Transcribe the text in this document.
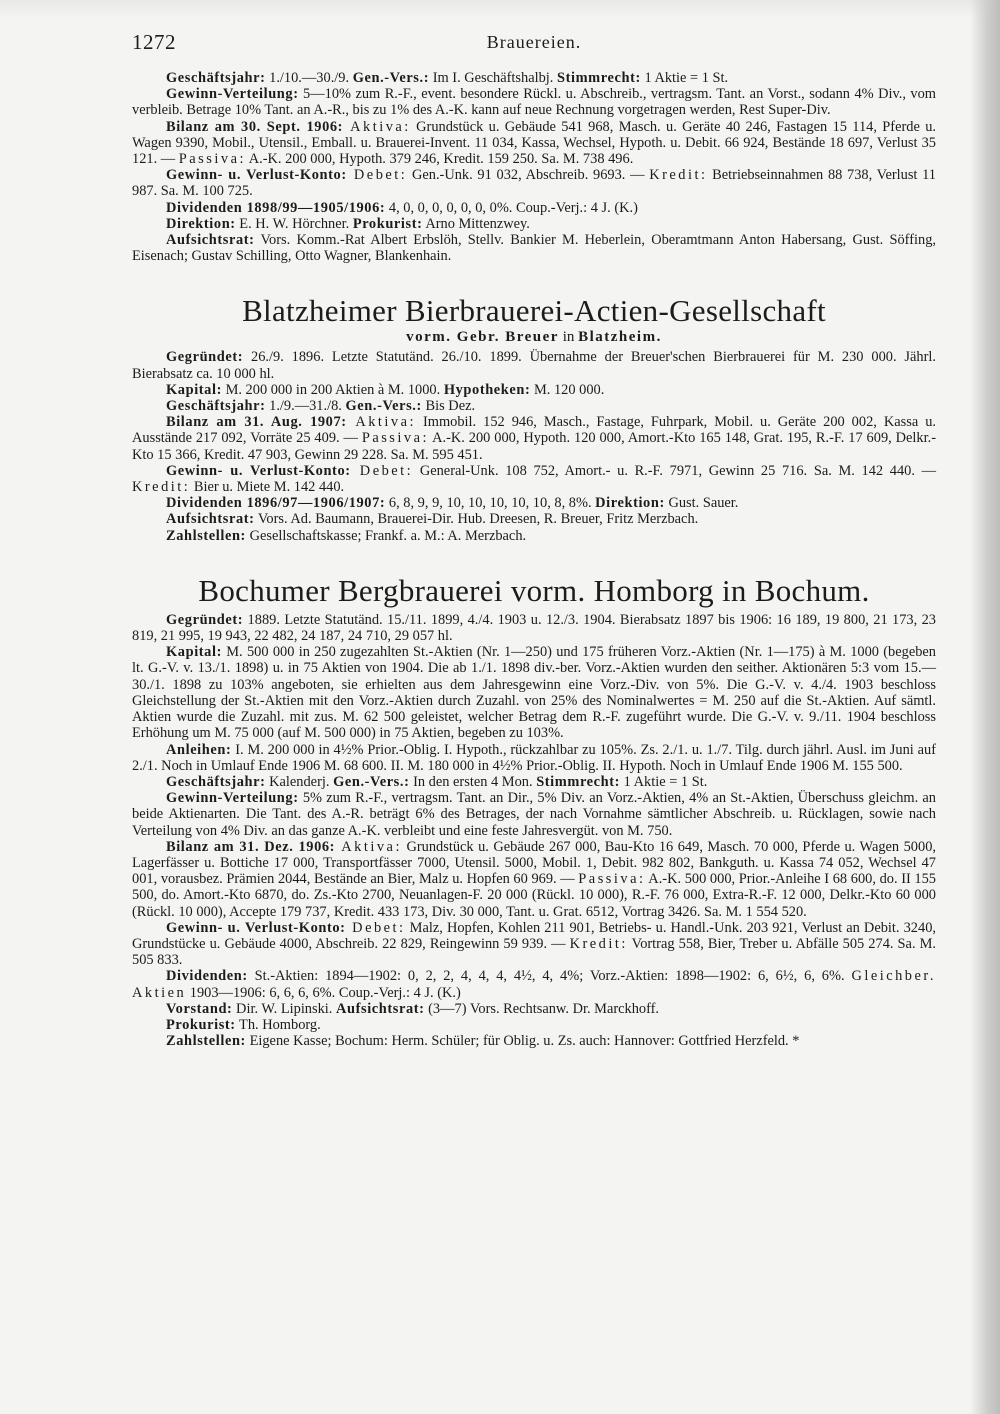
1272	Brauereien.

Geschäftsjahr: 1./10.—30./9. Gen.-Vers.: Im I. Geschäftshalbj. Stimmrecht: 1 Aktie = 1 St.

Gewinn-Verteilung: 5—10% zum R.-F., event. besondere Rückl. u. Abschreib., vertragsm. Tant. an Vorst., sodann 4% Div., vom verbleib. Betrage 10% Tant. an A.-R., bis zu 1% des A.-K. kann auf neue Rechnung vorgetragen werden, Rest Super-Div.

Bilanz am 30. Sept. 1906: Aktiva: Grundstück u. Gebäude 541 968, Masch. u. Geräte 40 246, Fastagen 15 114, Pferde u. Wagen 9390, Mobil., Utensil., Emball. u. Brauerei-Invent. 11 034, Kassa, Wechsel, Hypoth. u. Debit. 66 924, Bestände 18 697, Verlust 35 121. — Passiva: A.-K. 200 000, Hypoth. 379 246, Kredit. 159 250. Sa. M. 738 496.

Gewinn- u. Verlust-Konto: Debet: Gen.-Unk. 91 032, Abschreib. 9693. — Kredit: Betriebseinnahmen 88 738, Verlust 11 987. Sa. M. 100 725.

Dividenden 1898/99—1905/1906: 4, 0, 0, 0, 0, 0, 0, 0%. Coup.-Verj.: 4 J. (K.)

Direktion: E. H. W. Hörchner. Prokurist: Arno Mittenzwey.

Aufsichtsrat: Vors. Komm.-Rat Albert Erbslöh, Stellv. Bankier M. Heberlein, Oberamtmann Anton Habersang, Gust. Söffing, Eisenach; Gustav Schilling, Otto Wagner, Blankenhain.

Blatzheimer Bierbrauerei-Actien-Gesellschaft
vorm. Gebr. Breuer in Blatzheim.

Gegründet: 26./9. 1896. Letzte Statutänd. 26./10. 1899. Übernahme der Breuer'schen Bierbrauerei für M. 230 000. Jährl. Bierabsatz ca. 10 000 hl.

Kapital: M. 200 000 in 200 Aktien à M. 1000. Hypotheken: M. 120 000.

Geschäftsjahr: 1./9.—31./8. Gen.-Vers.: Bis Dez.

Bilanz am 31. Aug. 1907: Aktiva: Immobil. 152 946, Masch., Fastage, Fuhrpark, Mobil. u. Geräte 200 002, Kassa u. Ausstände 217 092, Vorräte 25 409. — Passiva: A.-K. 200 000, Hypoth. 120 000, Amort.-Kto 165 148, Grat. 195, R.-F. 17 609, Delkr.-Kto 15 366, Kredit. 47 903, Gewinn 29 228. Sa. M. 595 451.

Gewinn- u. Verlust-Konto: Debet: General-Unk. 108 752, Amort.- u. R.-F. 7971, Gewinn 25 716. Sa. M. 142 440. — Kredit: Bier u. Miete M. 142 440.

Dividenden 1896/97—1906/1907: 6, 8, 9, 9, 10, 10, 10, 10, 10, 8, 8%. Direktion: Gust. Sauer.

Aufsichtsrat: Vors. Ad. Baumann, Brauerei-Dir. Hub. Dreesen, R. Breuer, Fritz Merzbach.

Zahlstellen: Gesellschaftskasse; Frankf. a. M.: A. Merzbach.

Bochumer Bergbrauerei vorm. Homborg in Bochum.

Gegründet: 1889. Letzte Statutänd. 15./11. 1899, 4./4. 1903 u. 12./3. 1904. Bierabsatz 1897 bis 1906: 16 189, 19 800, 21 173, 23 819, 21 995, 19 943, 22 482, 24 187, 24 710, 29 057 hl.

Kapital: M. 500 000 in 250 zugezahlten St.-Aktien (Nr. 1—250) und 175 früheren Vorz.-Aktien (Nr. 1—175) à M. 1000 (begeben lt. G.-V. v. 13./1. 1898) u. in 75 Aktien von 1904. Die ab 1./1. 1898 div.-ber. Vorz.-Aktien wurden den seither. Aktionären 5:3 vom 15.—30./1. 1898 zu 103% angeboten, sie erhielten aus dem Jahresgewinn eine Vorz.-Div. von 5%. Die G.-V. v. 4./4. 1903 beschloss Gleichstellung der St.-Aktien mit den Vorz.-Aktien durch Zuzahl. von 25% des Nominalwertes = M. 250 auf die St.-Aktien. Auf sämtl. Aktien wurde die Zuzahl. mit zus. M. 62 500 geleistet, welcher Betrag dem R.-F. zugeführt wurde. Die G.-V. v. 9./11. 1904 beschloss Erhöhung um M. 75 000 (auf M. 500 000) in 75 Aktien, begeben zu 103%.

Anleihen: I. M. 200 000 in 4½% Prior.-Oblig. I. Hypoth., rückzahlbar zu 105%. Zs. 2./1. u. 1./7. Tilg. durch jährl. Ausl. im Juni auf 2./1. Noch in Umlauf Ende 1906 M. 68 600. II. M. 180 000 in 4½% Prior.-Oblig. II. Hypoth. Noch in Umlauf Ende 1906 M. 155 500.

Geschäftsjahr: Kalenderj. Gen.-Vers.: In den ersten 4 Mon. Stimmrecht: 1 Aktie = 1 St.

Gewinn-Verteilung: 5% zum R.-F., vertragsm. Tant. an Dir., 5% Div. an Vorz.-Aktien, 4% an St.-Aktien, Überschuss gleichm. an beide Aktienarten. Die Tant. des A.-R. beträgt 6% des Betrages, der nach Vornahme sämtlicher Abschreib. u. Rücklagen, sowie nach Verteilung von 4% Div. an das ganze A.-K. verbleibt und eine feste Jahresvergüt. von M. 750.

Bilanz am 31. Dez. 1906: Aktiva: Grundstück u. Gebäude 267 000, Bau-Kto 16 649, Masch. 70 000, Pferde u. Wagen 5000, Lagerfässer u. Bottiche 17 000, Transportfässer 7000, Utensil. 5000, Mobil. 1, Debit. 982 802, Bankguth. u. Kassa 74 052, Wechsel 47 001, vorausbez. Prämien 2044, Bestände an Bier, Malz u. Hopfen 60 969. — Passiva: A.-K. 500 000, Prior.-Anleihe I 68 600, do. II 155 500, do. Amort.-Kto 6870, do. Zs.-Kto 2700, Neuanlagen-F. 20 000 (Rückl. 10 000), R.-F. 76 000, Extra-R.-F. 12 000, Delkr.-Kto 60 000 (Rückl. 10 000), Accepte 179 737, Kredit. 433 173, Div. 30 000, Tant. u. Grat. 6512, Vortrag 3426. Sa. M. 1 554 520.

Gewinn- u. Verlust-Konto: Debet: Malz, Hopfen, Kohlen 211 901, Betriebs- u. Handl.-Unk. 203 921, Verlust an Debit. 3240, Grundstücke u. Gebäude 4000, Abschreib. 22 829, Reingewinn 59 939. — Kredit: Vortrag 558, Bier, Treber u. Abfälle 505 274. Sa. M. 505 833.

Dividenden: St.-Aktien: 1894—1902: 0, 2, 2, 4, 4, 4, 4½, 4, 4%; Vorz.-Aktien: 1898—1902: 6, 6½, 6, 6%. Gleichber. Aktien 1903—1906: 6, 6, 6, 6%. Coup.-Verj.: 4 J. (K.)

Vorstand: Dir. W. Lipinski. Aufsichtsrat: (3—7) Vors. Rechtsanw. Dr. Marckhoff.

Prokurist: Th. Homborg.

Zahlstellen: Eigene Kasse; Bochum: Herm. Schüler; für Oblig. u. Zs. auch: Hannover: Gottfried Herzfeld. *
